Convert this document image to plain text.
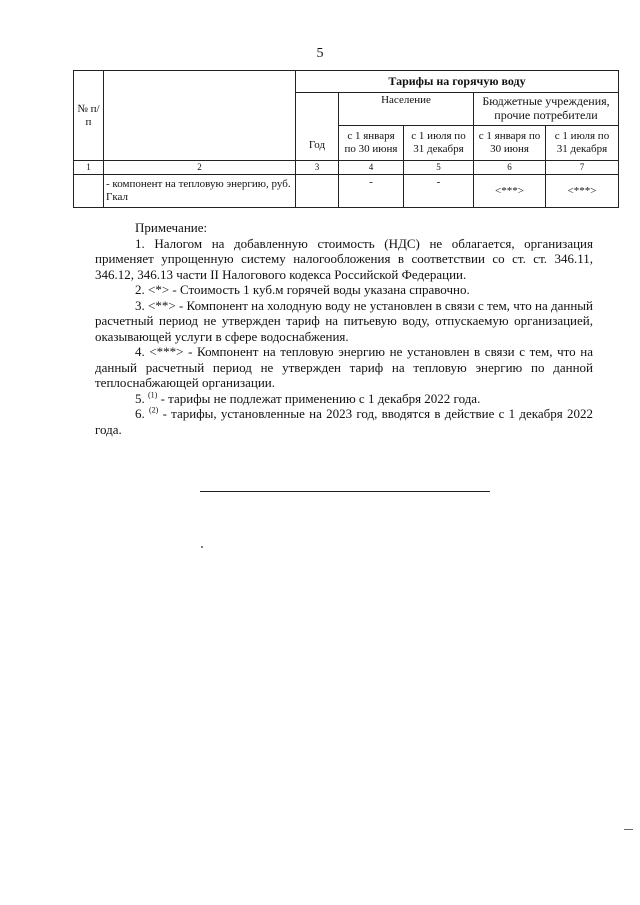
5
№ п/п		Тарифы на горячую воду				
		Год	Население		Бюджетные учреждения, прочие потребители	
			с 1 января по 30 июня	с 1 июля по 31 декабря	с 1 января по 30 июня	с 1 июля по 31 декабря
1	2	3	4	5	6	7
	- компонент на тепловую энергию, руб. Гкал		-	-	<***>	<***>

Примечание:

1. Налогом на добавленную стоимость (НДС) не облагается, организация применяет упрощенную систему налогообложения в соответствии со ст. ст. 346.11, 346.12, 346.13 части II Налогового кодекса Российской Федерации.

2. <*> - Стоимость 1 куб.м горячей воды указана справочно.

3. <**> - Компонент на холодную воду не установлен в связи с тем, что на данный расчетный период не утвержден тариф на питьевую воду, отпускаемую организацией, оказывающей услуги в сфере водоснабжения.

4. <***> - Компонент на тепловую энергию не установлен в связи с тем, что на данный расчетный период не утвержден тариф на тепловую энергию по данной теплоснабжающей организации.

5. $^{(1)}$ - тарифы не подлежат применению с 1 декабря 2022 года.

6. $^{(2)}$ - тарифы, установленные на 2023 год, вводятся в действие с 1 декабря 2022 года.
